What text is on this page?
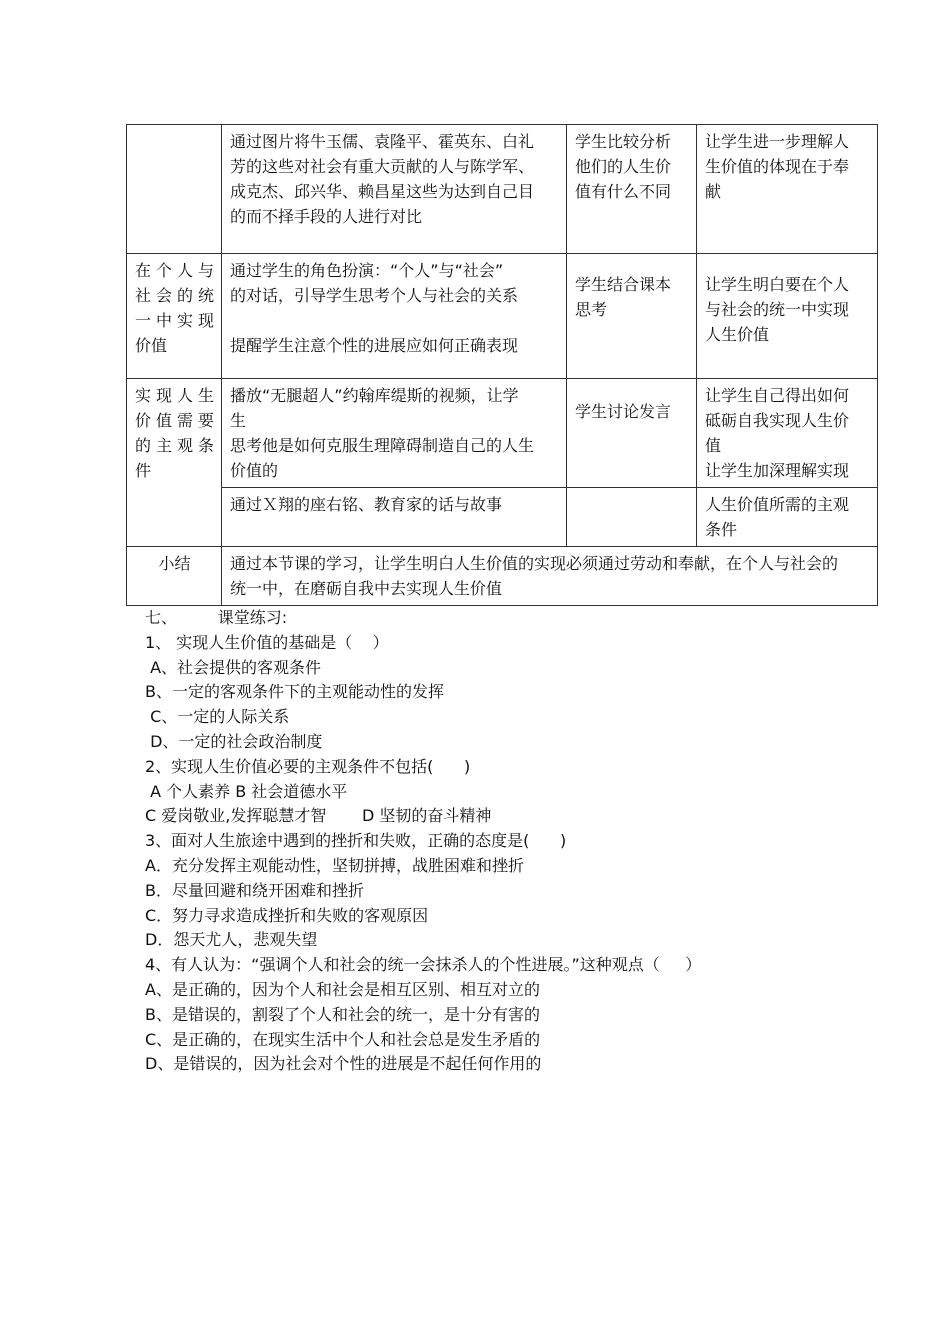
	通过图片将牛玉儒、袁隆平、霍英东、白礼
芳的这些对社会有重大贡献的人与陈学军、
成克杰、邱兴华、赖昌星这些为达到自己目
的而不择手段的人进行对比	学生比较分析
他们的人生价
值有什么不同	让学生进一步理解人
生价值的体现在于奉
献

在个人与
社会的统
一中实现
价值	通过学生的角色扮演：“个人”与“社会”
的对话，引导学生思考个人与社会的关系
提醒学生注意个性的进展应如何正确表现	学生结合课本
思考	让学生明白要在个人
与社会的统一中实现
人生价值

实现人生
价值需要
的主观条
件	播放“无腿超人”约翰库缇斯的视频，让学
生
思考他是如何克服生理障碍制造自己的人生
价值的	学生讨论发言	让学生自己得出如何
砥砺自我实现人生价
值
让学生加深理解实现

	通过Ｘ翔的座右铭、教育家的话与故事		人生价值所需的主观
条件

小结	通过本节课的学习，让学生明白人生价值的实现必须通过劳动和奉献，在个人与社会的
统一中，在磨砺自我中去实现人生价值		
七、        课堂练习:
1、 实现人生价值的基础是（    ）
A、社会提供的客观条件
B、一定的客观条件下的主观能动性的发挥
C、一定的人际关系
D、一定的社会政治制度
2、实现人生价值必要的主观条件不包括(      )
A 个人素养 B 社会道德水平
C 爱岗敬业,发挥聪慧才智       D 坚韧的奋斗精神
3、面对人生旅途中遇到的挫折和失败，正确的态度是(      )
A．充分发挥主观能动性，坚韧拼搏，战胜困难和挫折
B．尽量回避和绕开困难和挫折
C．努力寻求造成挫折和失败的客观原因
D．怨天尤人，悲观失望
4、有人认为：“强调个人和社会的统一会抹杀人的个性进展。”这种观点（     ）
A、是正确的，因为个人和社会是相互区别、相互对立的
B、是错误的，割裂了个人和社会的统一，是十分有害的
C、是正确的，在现实生活中个人和社会总是发生矛盾的
D、是错误的，因为社会对个性的进展是不起任何作用的
